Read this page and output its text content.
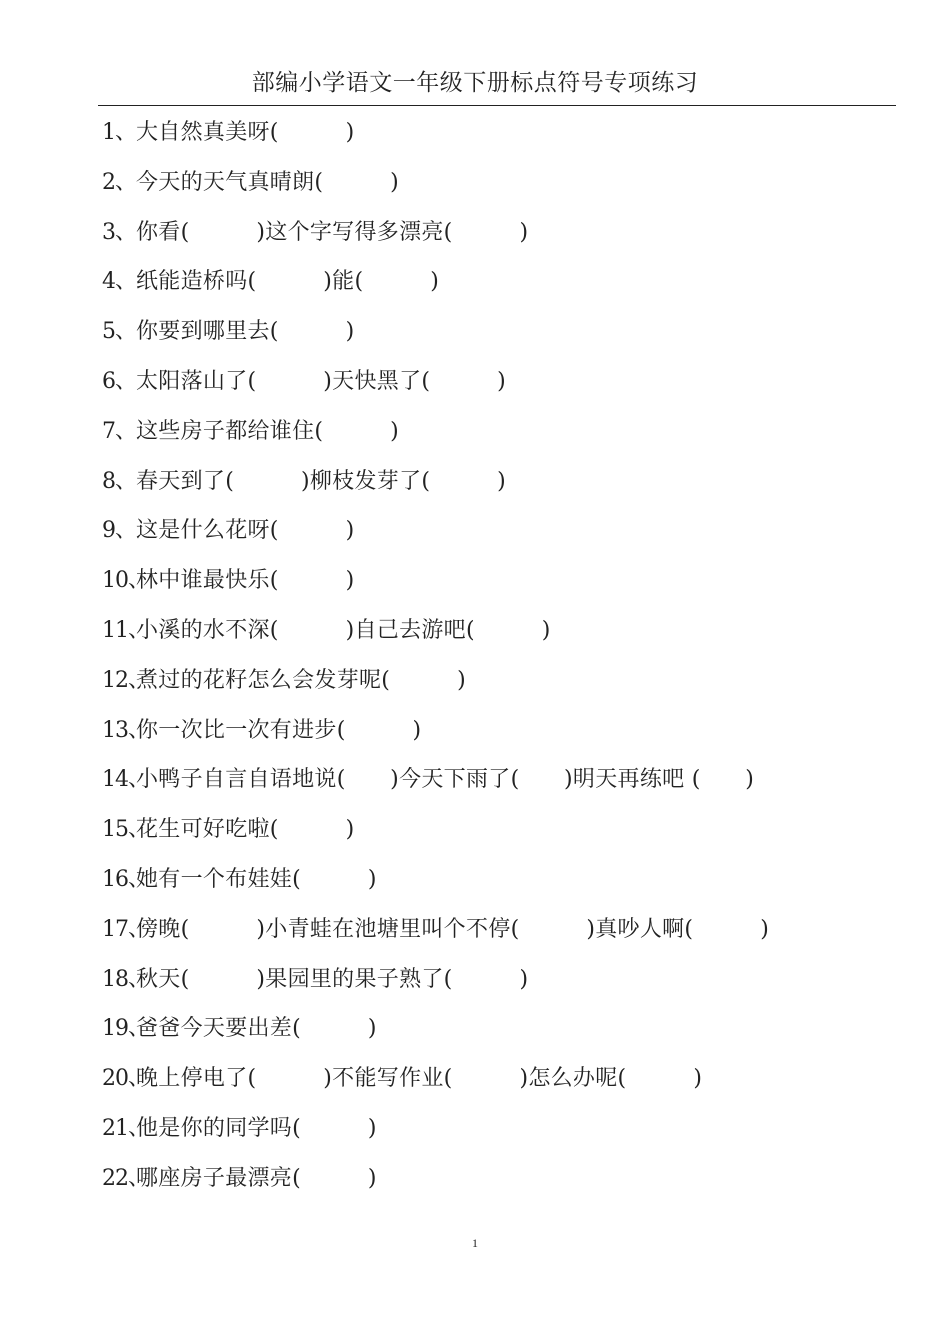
部编小学语文一年级下册标点符号专项练习
1、大自然真美呀(　　　)
2、今天的天气真晴朗(　　　)
3、你看(　　　)这个字写得多漂亮(　　　)
4、纸能造桥吗(　　　)能(　　　)
5、你要到哪里去(　　　)
6、太阳落山了(　　　)天快黑了(　　　)
7、这些房子都给谁住(　　　)
8、春天到了(　　　)柳枝发芽了(　　　)
9、这是什么花呀(　　　)
10、林中谁最快乐(　　　)
11、小溪的水不深(　　　)自己去游吧(　　　)
12、煮过的花籽怎么会发芽呢(　　　)
13、你一次比一次有进步(　　　)
14、小鸭子自言自语地说(　　)今天下雨了(　　)明天再练吧 (　　)
15、花生可好吃啦(　　　)
16、她有一个布娃娃(　　　)
17、傍晚(　　　)小青蛙在池塘里叫个不停(　　　)真吵人啊(　　　)
18、秋天(　　　)果园里的果子熟了(　　　)
19、爸爸今天要出差(　　　)
20、晚上停电了(　　　)不能写作业(　　　)怎么办呢(　　　)
21、他是你的同学吗(　　　)
22、哪座房子最漂亮(　　　)
1
